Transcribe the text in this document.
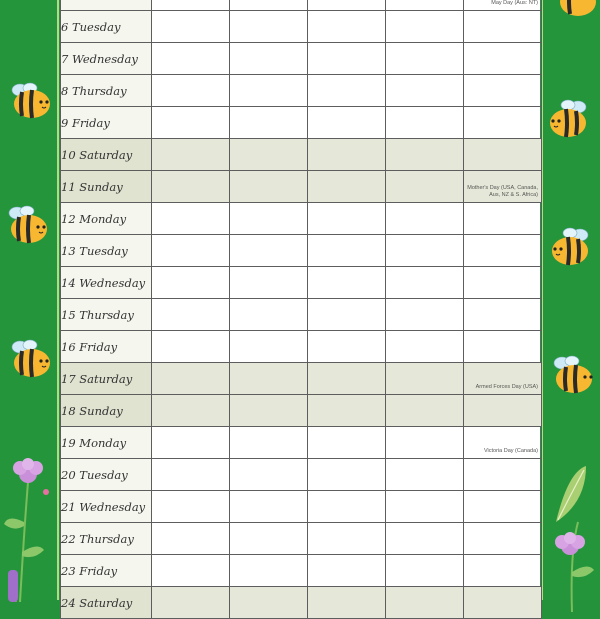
					May Day (Aus: NT)

6 Tuesday					
7 Wednesday					
8 Thursday					
9 Friday					
10 Saturday					
11 Sunday					Mother's Day (USA, Canada, Aus, NZ & S. Africa)

12 Monday					
13 Tuesday					
14 Wednesday					
15 Thursday					
16 Friday					
17 Saturday					Armed Forces Day (USA)

18 Sunday					
19 Monday					Victoria Day (Canada)

20 Tuesday					
21 Wednesday					
22 Thursday					
23 Friday					
24 Saturday					
